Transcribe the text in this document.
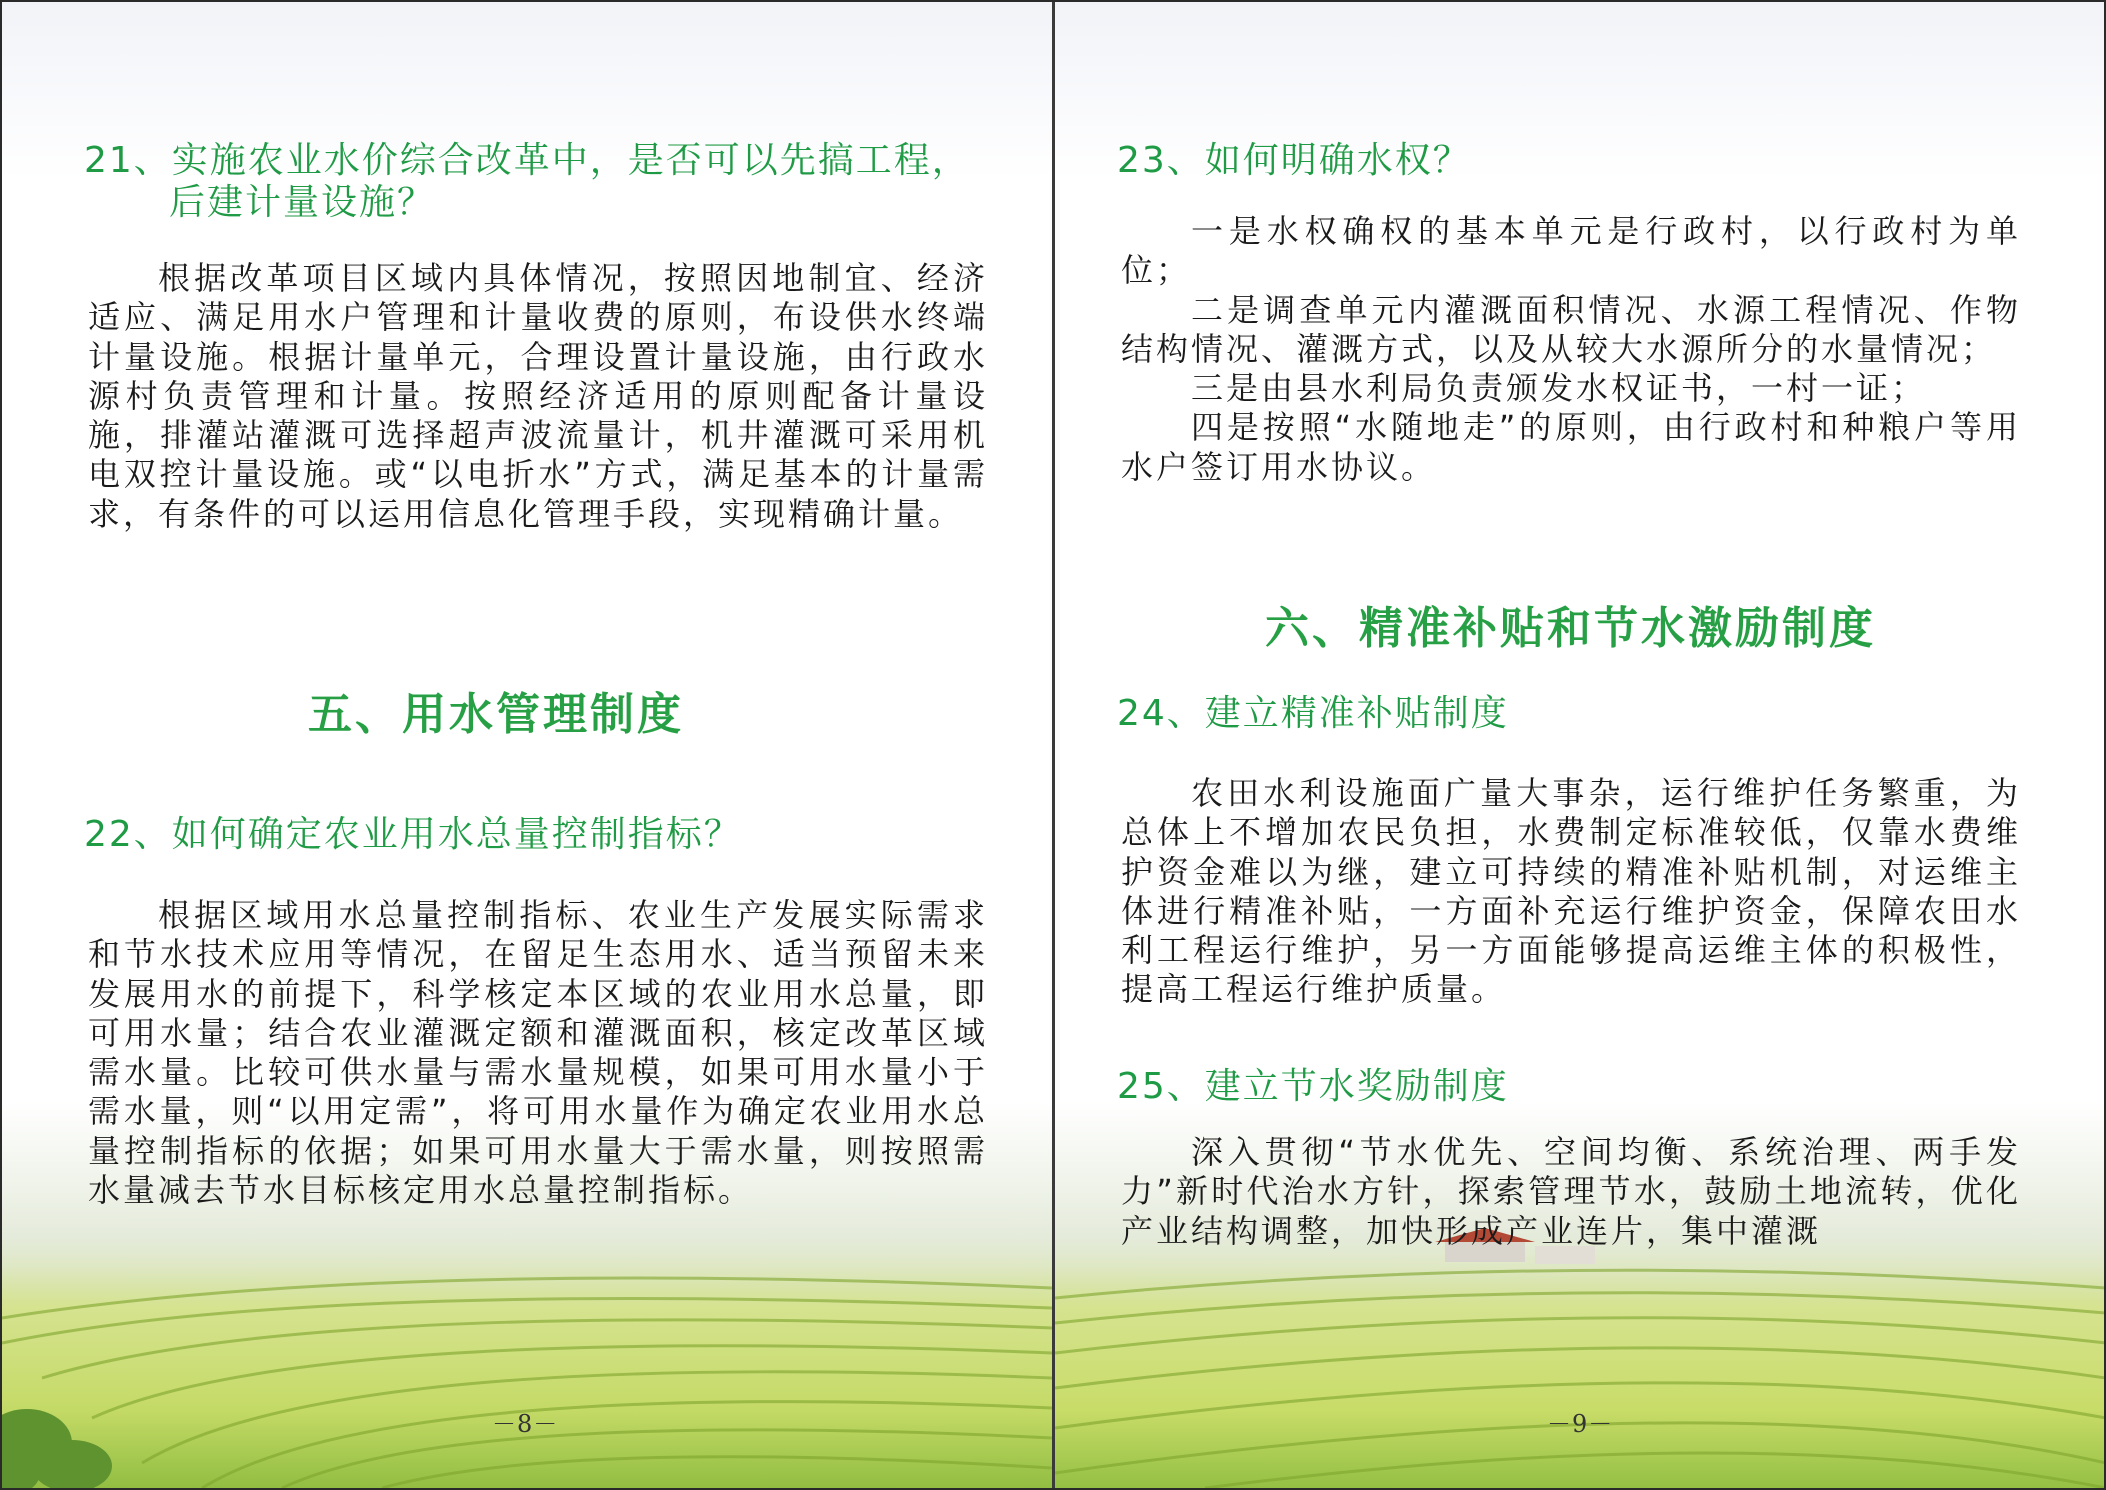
21、实施农业水价综合改革中，是否可以先搞工程，
后建计量设施？

根据改革项目区域内具体情况，按照因地制宜、经济适应、满足用水户管理和计量收费的原则，布设供水终端计量设施。根据计量单元，合理设置计量设施，由行政水源村负责管理和计量。按照经济适用的原则配备计量设施，排灌站灌溉可选择超声波流量计，机井灌溉可采用机电双控计量设施。或“以电折水”方式，满足基本的计量需求，有条件的可以运用信息化管理手段，实现精确计量。

五、用水管理制度
22、如何确定农业用水总量控制指标？

根据区域用水总量控制指标、农业生产发展实际需求和节水技术应用等情况，在留足生态用水、适当预留未来发展用水的前提下，科学核定本区域的农业用水总量，即可用水量；结合农业灌溉定额和灌溉面积，核定改革区域需水量。比较可供水量与需水量规模，如果可用水量小于需水量，则“以用定需”，将可用水量作为确定农业用水总量控制指标的依据；如果可用水量大于需水量，则按照需水量减去节水目标核定用水总量控制指标。

－8－
23、如何明确水权？

一是水权确权的基本单元是行政村，以行政村为单位；

二是调查单元内灌溉面积情况、水源工程情况、作物结构情况、灌溉方式，以及从较大水源所分的水量情况；

三是由县水利局负责颁发水权证书，一村一证；

四是按照“水随地走”的原则，由行政村和种粮户等用水户签订用水协议。

六、精准补贴和节水激励制度
24、建立精准补贴制度

农田水利设施面广量大事杂，运行维护任务繁重，为总体上不增加农民负担，水费制定标准较低，仅靠水费维护资金难以为继，建立可持续的精准补贴机制，对运维主体进行精准补贴，一方面补充运行维护资金，保障农田水利工程运行维护，另一方面能够提高运维主体的积极性，提高工程运行维护质量。

25、建立节水奖励制度

深入贯彻“节水优先、空间均衡、系统治理、两手发力”新时代治水方针，探索管理节水，鼓励土地流转，优化产业结构调整，加快形成产业连片，集中灌溉

－9－
